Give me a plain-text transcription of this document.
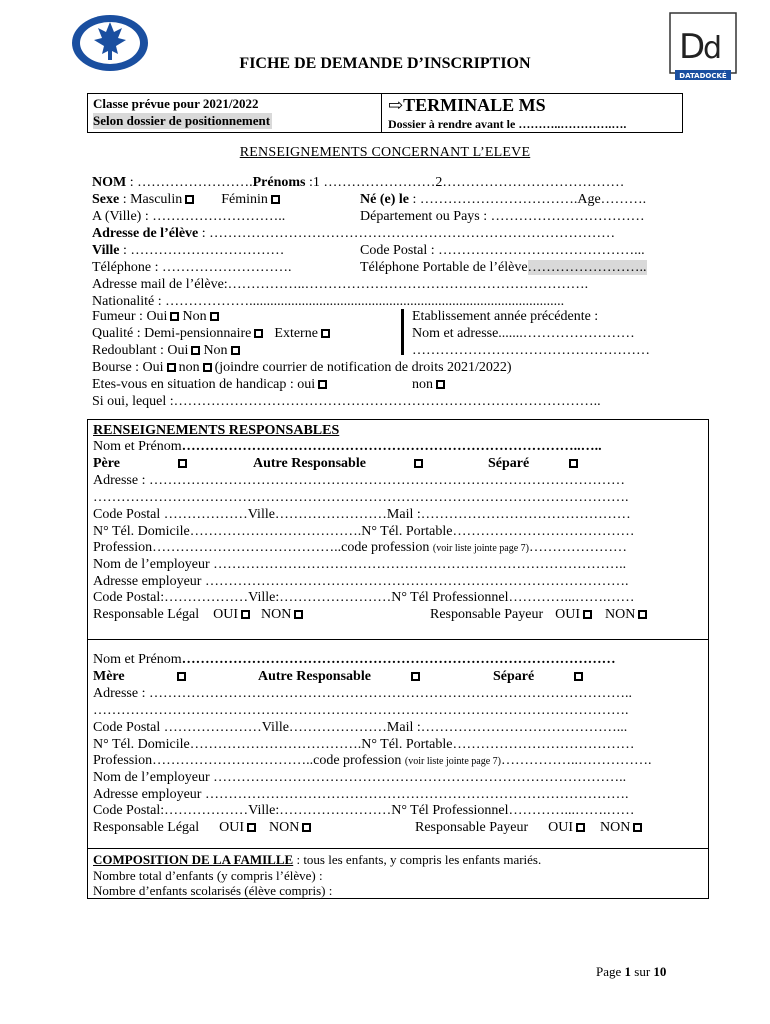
D
d
DATADOCKÉ
FICHE DE DEMANDE D’INSCRIPTION
Classe prévue pour 2021/2022
Selon dossier de positionnement
⇨TERMINALE MS
Dossier à rendre avant le ………..………….….
RENSEIGNEMENTS CONCERNANT L’ELEVE
NOM : …………………….Prénoms :1 ……………………2…………………………………
Sexe : Masculin	Féminin	Né (e) le : …………………………….Age……….
A (Ville) : ………………………..	Département ou Pays : ……………………………
Adresse de l’élève : ……………………………………………………………………………
Ville : ……………………………	Code Postal : ……………………………………...
Téléphone : ……………………….	Téléphone Portable de l’élève……………………..
Adresse mail de l’élève:……………..…………………………………………………….
Nationalité : ………………..........................................................................................
Fumeur : Oui Non
Qualité : Demi-pensionnaire Externe
Redoublant : Oui Non
Etablissement année précédente :
Nom et adresse.......……………………
……………………………………………
Bourse : Oui non (joindre courrier de notification de droits 2021/2022)
Etes-vous en situation de handicap : oui	non
Si oui, lequel :………………………………………………………………………………..
RENSEIGNEMENTS RESPONSABLES
Nom et Prénom…………………………………………………………………………..…..
Père	Autre Responsable	Séparé
Adresse : …………………………………………………………………………………………
…………………………………………………………………………………………………….
Code Postal ………………Ville……………………Mail :………………………………………
N° Tél. Domicile……………………………….N° Tél. Portable…………………………………
Profession…………………………………..code profession (voir liste jointe page 7)…………………
Nom de l’employeur ……………………………………………………………………………..
Adresse employeur ……………………………………………………………………………….
Code Postal:………………Ville:……………………N° Tél Professionnel…………...…….……
Responsable Légal OUI NON	Responsable Payeur OUI NON
Nom et Prénom…………………………………………………………………………………
Mère	Autre Responsable	Séparé
Adresse : …………………………………………………………………………………………..
…………………………………………………………………………………………………….
Code Postal …………………Ville…………………Mail :……………………………………...
N° Tél. Domicile……………………………….N° Tél. Portable…………………………………
Profession……………………………..code profession (voir liste jointe page 7)……………..…………….
Nom de l’employeur ……………………………………………………………………………..
Adresse employeur ……………………………………………………………………………….
Code Postal:………………Ville:……………………N° Tél Professionnel…………...…….……
Responsable Légal OUI NON	Responsable Payeur OUI NON
COMPOSITION DE LA FAMILLE : tous les enfants, y compris les enfants mariés.
Nombre total d’enfants (y compris l’élève) :
Nombre d’enfants scolarisés (élève compris) :
Page 1 sur 10
